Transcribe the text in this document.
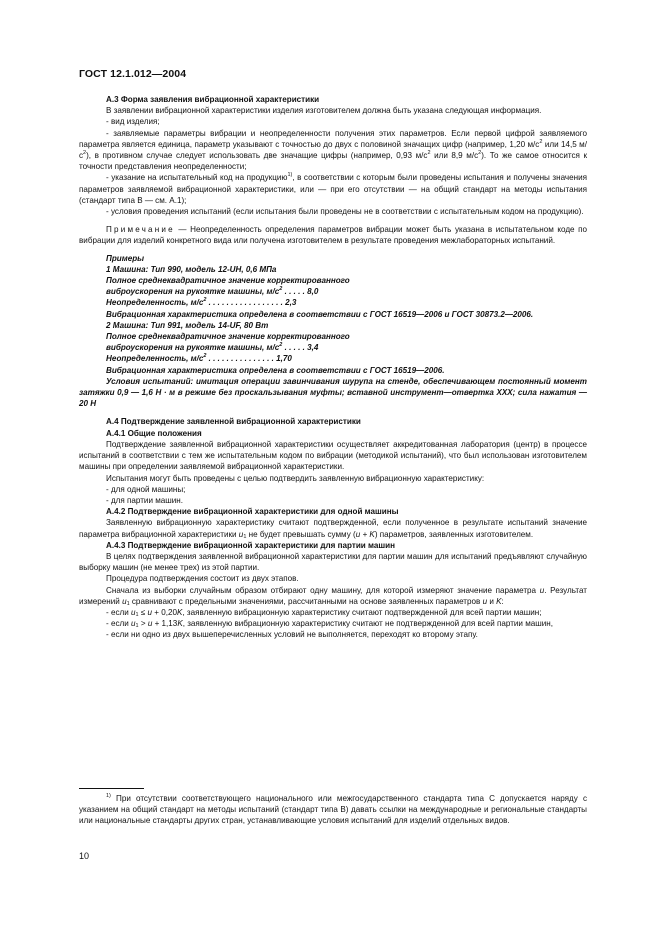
ГОСТ 12.1.012—2004

A.3 Форма заявления вибрационной характеристики

В заявлении вибрационной характеристики изделия изготовителем должна быть указана следующая информация.

- вид изделия;

- заявляемые параметры вибрации и неопределенности получения этих параметров. Если первой цифрой заявляемого параметра является единица, параметр указывают с точностью до двух с половиной значащих цифр (например, 1,20 $м/с^2$ или 14,5 $м/с^2$), в противном случае следует использовать две значащие цифры (например, 0,93 $м/с^2$ или 8,9 $м/с^2$). То же самое относится к точности представления неопределенности;

- указание на испытательный код на продукцию$^{1)}$, в соответствии с которым были проведены испытания и получены значения параметров заявляемой вибрационной характеристики, или — при его отсутствии — на общий стандарт на методы испытания (стандарт типа В — см. A.1);

- условия проведения испытаний (если испытания были проведены не в соответствии с испытательным кодом на продукцию).

Примечание — Неопределенность определения параметров вибрации может быть указана в испытательном коде по вибрации для изделий конкретного вида или получена изготовителем в результате проведения межлабораторных испытаний.

Примеры

1 Машина: Тип 990, модель 12-UH, 0,6 МПа

Полное среднеквадратичное значение корректированного

виброускорения на рукоятке машины, $м/с^2$ . . . . . 8,0

Неопределенность, $м/с^2$ . . . . . . . . . . . . . . . . . 2,3

Вибрационная характеристика определена в соответствии с ГОСТ 16519—2006 и ГОСТ 30873.2—2006.

2 Машина: Тип 991, модель 14-UF, 80 Вт

Полное среднеквадратичное значение корректированного

виброускорения на рукоятке машины, $м/с^2$ . . . . . 3,4

Неопределенность, $м/с^2$ . . . . . . . . . . . . . . . 1,70

Вибрационная характеристика определена в соответствии с ГОСТ 16519—2006.

Условия испытаний: имитация операции завинчивания шурупа на стенде, обеспечивающем постоянный момент затяжки 0,9 — 1,6 Н · м в режиме без проскальзывания муфты; вставной инструмент—отвертка ХХХ; сила нажатия — 20 Н

A.4 Подтверждение заявленной вибрационной характеристики

A.4.1 Общие положения

Подтверждение заявленной вибрационной характеристики осуществляет аккредитованная лаборатория (центр) в процессе испытаний в соответствии с тем же испытательным кодом по вибрации (методикой испытаний), что был использован изготовителем машины при определении заявляемой вибрационной характеристики.

Испытания могут быть проведены с целью подтвердить заявленную вибрационную характеристику:

- для одной машины;

- для партии машин.

A.4.2 Подтверждение вибрационной характеристики для одной машины

Заявленную вибрационную характеристику считают подтвержденной, если полученное в результате испытаний значение параметра вибрационной характеристики $u_1$ не будет превышать сумму (u + K) параметров, заявленных изготовителем.

A.4.3 Подтверждение вибрационной характеристики для партии машин

В целях подтверждения заявленной вибрационной характеристики для партии машин для испытаний предъявляют случайную выборку машин (не менее трех) из этой партии.

Процедура подтверждения состоит из двух этапов.

Сначала из выборки случайным образом отбирают одну машину, для которой измеряют значение параметра u. Результат измерений $u_1$ сравнивают с предельными значениями, рассчитанными на основе заявленных параметров u и K:

- если $u_1 \le u + 0,20K$, заявленную вибрационную характеристику считают подтвержденной для всей партии машин;

- если $u_1 > u + 1,13K$, заявленную вибрационную характеристику считают не подтвержденной для всей партии машин,

- если ни одно из двух вышеперечисленных условий не выполняется, переходят ко второму этапу.

$^{1)}$ При отсутствии соответствующего национального или межгосударственного стандарта типа С допускается наряду с указанием на общий стандарт на методы испытаний (стандарт типа В) давать ссылки на международные и региональные стандарты или национальные стандарты других стран, устанавливающие условия испытаний для изделий отдельных видов.

10
